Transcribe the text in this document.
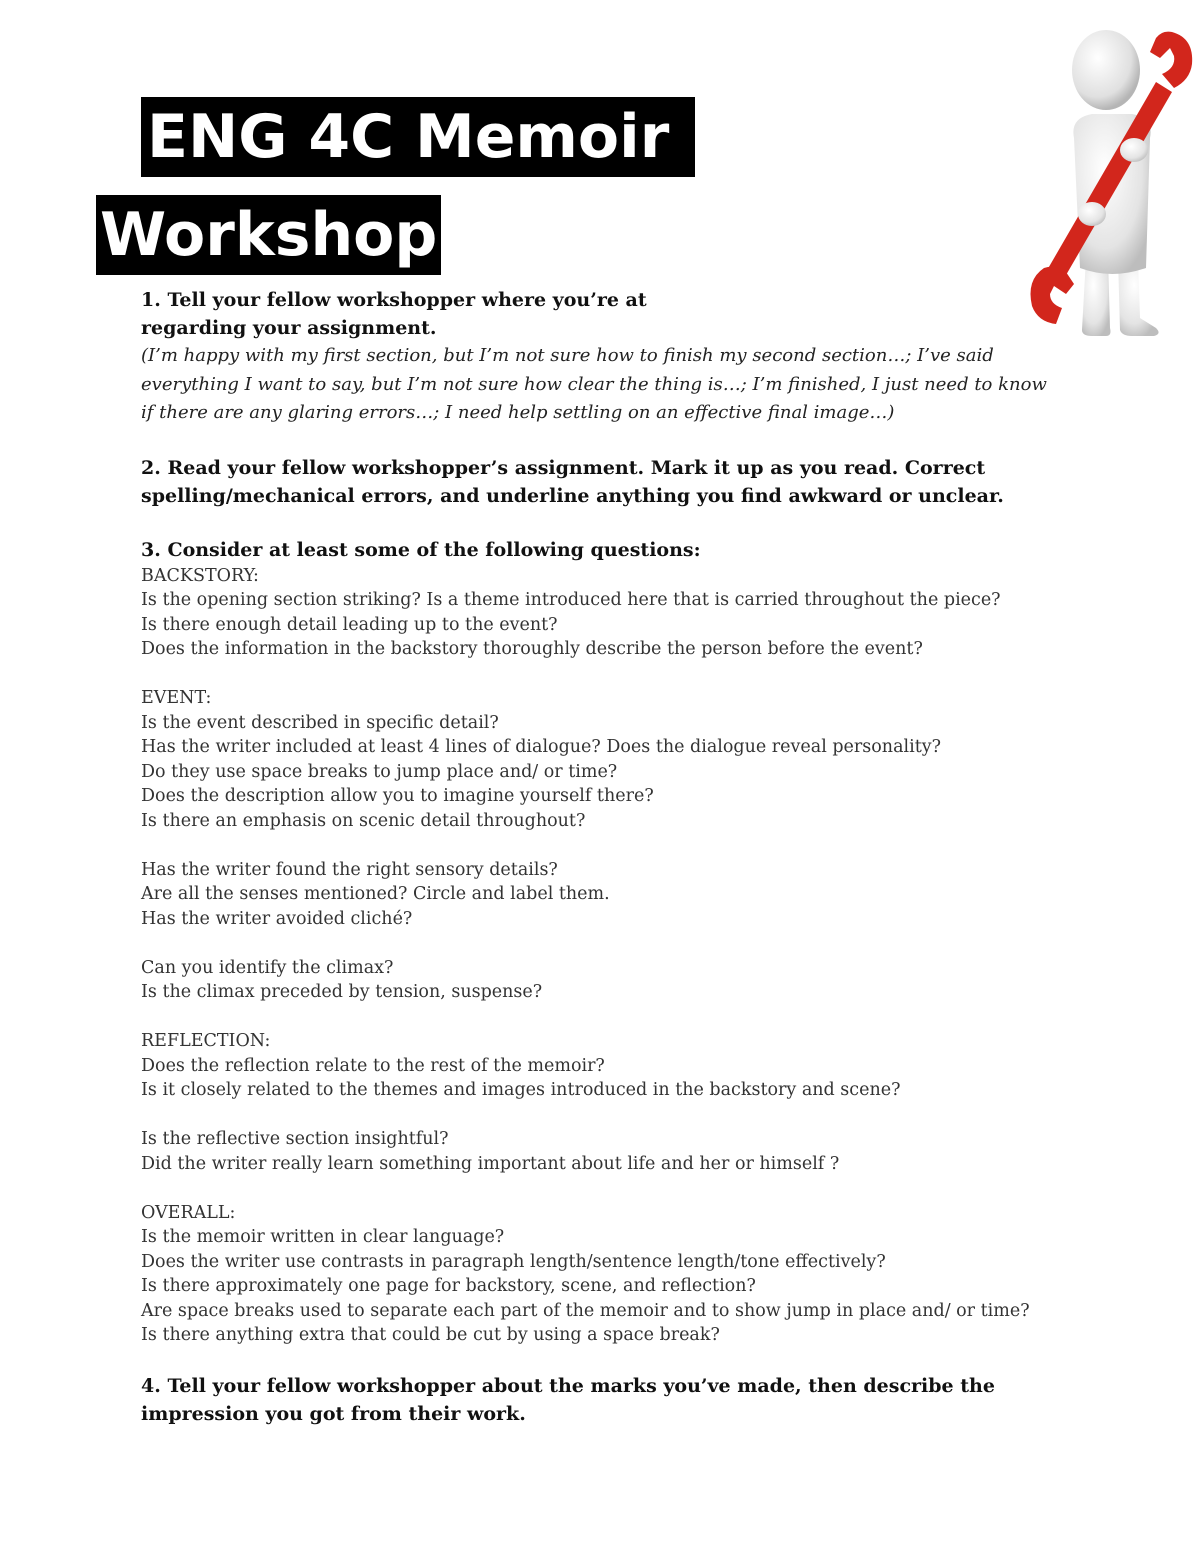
ENG 4C Memoir
Workshop

1. Tell your fellow workshopper where you’re at

regarding your assignment.

(I’m happy with my first section, but I’m not sure how to finish my second section…; I’ve said

everything I want to say, but I’m not sure how clear the thing is…; I’m finished, I just need to know

if there are any glaring errors…; I need help settling on an effective final image…)

2. Read your fellow workshopper’s assignment. Mark it up as you read. Correct

spelling/mechanical errors, and underline anything you find awkward or unclear.

3. Consider at least some of the following questions:

BACKSTORY:

Is the opening section striking? Is a theme introduced here that is carried throughout the piece?
Is there enough detail leading up to the event?
Does the information in the backstory thoroughly describe the person before the event?

EVENT:

Is the event described in specific detail?
Has the writer included at least 4 lines of dialogue? Does the dialogue reveal personality?
Do they use space breaks to jump place and/ or time?
Does the description allow you to imagine yourself there?
Is there an emphasis on scenic detail throughout?
Has the writer found the right sensory details?
Are all the senses mentioned? Circle and label them.
Has the writer avoided cliché?
Can you identify the climax?
Is the climax preceded by tension, suspense?

REFLECTION:

Does the reflection relate to the rest of the memoir?
Is it closely related to the themes and images introduced in the backstory and scene?
Is the reflective section insightful?
Did the writer really learn something important about life and her or himself ?

OVERALL:

Is the memoir written in clear language?
Does the writer use contrasts in paragraph length/sentence length/tone effectively?
Is there approximately one page for backstory, scene, and reflection?
Are space breaks used to separate each part of the memoir and to show jump in place and/ or time?
Is there anything extra that could be cut by using a space break?

4. Tell your fellow workshopper about the marks you’ve made, then describe the

impression you got from their work.
